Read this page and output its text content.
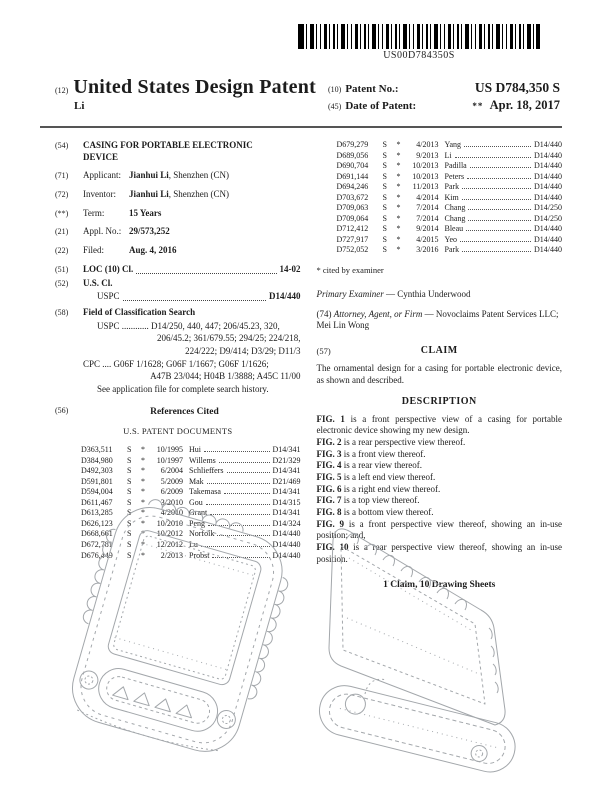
US00D784350S
(12) United States Design Patent
Li
(10) Patent No.:	US D784,350 S
(45) Date of Patent:	** Apr. 18, 2017
(54)	CASING FOR PORTABLE ELECTRONIC DEVICE
(71)	Applicant: Jianhui Li, Shenzhen (CN)
(72)	Inventor:	Jianhui Li, Shenzhen (CN)
(**)	Term:	15 Years
(21)	Appl. No.: 29/573,252
(22)	Filed:	Aug. 4, 2016
(51)	LOC (10) Cl.	14-02
(52)	U.S. Cl.
USPC	D14/440
(58)	Field of Classification Search
USPC ............ D14/250, 440, 447; 206/45.23, 320,
206/45.2; 361/679.55; 294/25; 224/218,
224/222; D9/414; D3/29; D11/3
CPC .... G06F 1/1628; G06F 1/1667; G06F 1/1626;
A47B 23/044; H04B 1/3888; A45C 11/00
See application file for complete search history.
(56)	References Cited
U.S. PATENT DOCUMENTS
D363,511	S	*	10/1995 Hui	D14/341
D384,980	S	*	10/1997 Willems	D21/329
D492,303	S	*	6/2004 Schlieffers	D14/341
D591,801	S	*	5/2009 Mak	D21/469
D594,004	S	*	6/2009 Takemasa	D14/341
D611,467	S	*	3/2010 Gou	D14/315
D613,285	S	*	4/2010 Grant	D14/341
D626,123	S	*	10/2010 Peng	D14/324
D668,661	S	*	10/2012 Norfolk	D14/440
D672,781	S	*	12/2012 Lu	D14/440
D676,449	S	*	2/2013 Probst	D14/440
D679,279	S	*	4/2013 Yang	D14/440
D689,056	S	*	9/2013 Li	D14/440
D690,704	S	*	10/2013 Padilla	D14/440
D691,144	S	*	10/2013 Peters	D14/440
D694,246	S	*	11/2013 Park	D14/440
D703,672	S	*	4/2014 Kim	D14/440
D709,063	S	*	7/2014 Chang	D14/250
D709,064	S	*	7/2014 Chang	D14/250
D712,412	S	*	9/2014 Bleau	D14/440
D727,917	S	*	4/2015 Yeo	D14/440
D752,052	S	*	3/2016 Park	D14/440
* cited by examiner
Primary Examiner — Cynthia Underwood
(74) Attorney, Agent, or Firm — Novoclaims Patent Services LLC; Mei Lin Wong
(57)	CLAIM
The ornamental design for a casing for portable electronic device, as shown and described.
DESCRIPTION
FIG. 1 is a front perspective view of a casing for portable electronic device showing my new design.
FIG. 2 is a rear perspective view thereof.
FIG. 3 is a front view thereof.
FIG. 4 is a rear view thereof.
FIG. 5 is a left end view thereof.
FIG. 6 is a right end view thereof.
FIG. 7 is a top view thereof.
FIG. 8 is a bottom view thereof.
FIG. 9 is a front perspective view thereof, showing an in-use position; and,
FIG. 10 is a rear perspective view thereof, showing an in-use position.
1 Claim, 10 Drawing Sheets
